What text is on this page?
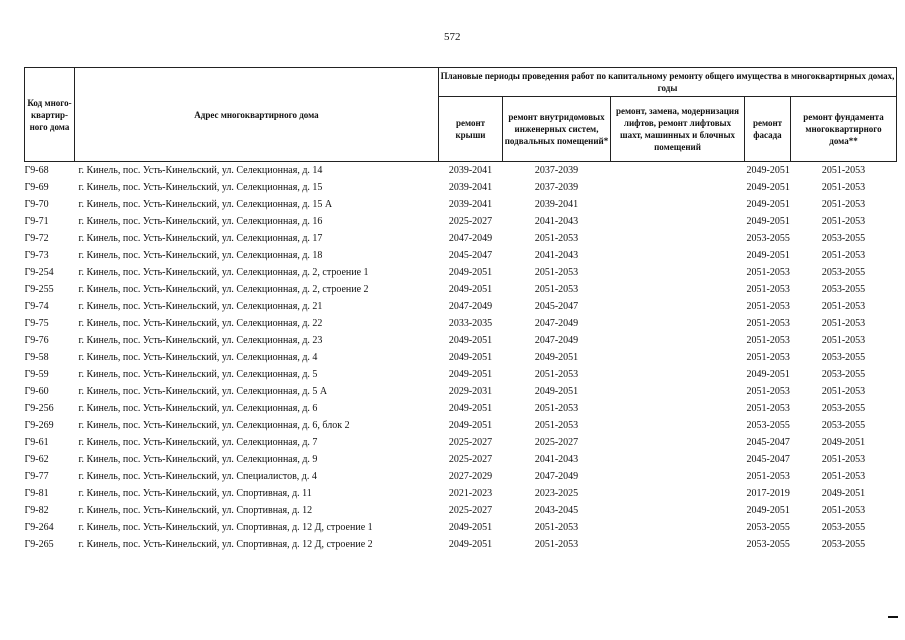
572
Код много-квартир-ного дома	Адрес многоквартирного дома	Плановые периоды проведения работ по капитальному ремонту общего имущества в многоквартирных домах, годы				
		ремонт крыши	ремонт внутридомовых инженерных систем, подвальных помещений*	ремонт, замена, модернизация лифтов, ремонт лифтовых шахт, машинных и блочных помещений	ремонт фасада	ремонт фундамента многоквартирного дома**
Г9-68	г. Кинель, пос. Усть-Кинельский, ул. Селекционная, д. 14	2039-2041	2037-2039		2049-2051	2051-2053
Г9-69	г. Кинель, пос. Усть-Кинельский, ул. Селекционная, д. 15	2039-2041	2037-2039		2049-2051	2051-2053
Г9-70	г. Кинель, пос. Усть-Кинельский, ул. Селекционная, д. 15 А	2039-2041	2039-2041		2049-2051	2051-2053
Г9-71	г. Кинель, пос. Усть-Кинельский, ул. Селекционная, д. 16	2025-2027	2041-2043		2049-2051	2051-2053
Г9-72	г. Кинель, пос. Усть-Кинельский, ул. Селекционная, д. 17	2047-2049	2051-2053		2053-2055	2053-2055
Г9-73	г. Кинель, пос. Усть-Кинельский, ул. Селекционная, д. 18	2045-2047	2041-2043		2049-2051	2051-2053
Г9-254	г. Кинель, пос. Усть-Кинельский, ул. Селекционная, д. 2, строение 1	2049-2051	2051-2053		2051-2053	2053-2055
Г9-255	г. Кинель, пос. Усть-Кинельский, ул. Селекционная, д. 2, строение 2	2049-2051	2051-2053		2051-2053	2053-2055
Г9-74	г. Кинель, пос. Усть-Кинельский, ул. Селекционная, д. 21	2047-2049	2045-2047		2051-2053	2051-2053
Г9-75	г. Кинель, пос. Усть-Кинельский, ул. Селекционная, д. 22	2033-2035	2047-2049		2051-2053	2051-2053
Г9-76	г. Кинель, пос. Усть-Кинельский, ул. Селекционная, д. 23	2049-2051	2047-2049		2051-2053	2051-2053
Г9-58	г. Кинель, пос. Усть-Кинельский, ул. Селекционная, д. 4	2049-2051	2049-2051		2051-2053	2053-2055
Г9-59	г. Кинель, пос. Усть-Кинельский, ул. Селекционная, д. 5	2049-2051	2051-2053		2049-2051	2053-2055
Г9-60	г. Кинель, пос. Усть-Кинельский, ул. Селекционная, д. 5 А	2029-2031	2049-2051		2051-2053	2051-2053
Г9-256	г. Кинель, пос. Усть-Кинельский, ул. Селекционная, д. 6	2049-2051	2051-2053		2051-2053	2053-2055
Г9-269	г. Кинель, пос. Усть-Кинельский, ул. Селекционная, д. 6, блок 2	2049-2051	2051-2053		2053-2055	2053-2055
Г9-61	г. Кинель, пос. Усть-Кинельский, ул. Селекционная, д. 7	2025-2027	2025-2027		2045-2047	2049-2051
Г9-62	г. Кинель, пос. Усть-Кинельский, ул. Селекционная, д. 9	2025-2027	2041-2043		2045-2047	2051-2053
Г9-77	г. Кинель, пос. Усть-Кинельский, ул. Специалистов, д. 4	2027-2029	2047-2049		2051-2053	2051-2053
Г9-81	г. Кинель, пос. Усть-Кинельский, ул. Спортивная, д. 11	2021-2023	2023-2025		2017-2019	2049-2051
Г9-82	г. Кинель, пос. Усть-Кинельский, ул. Спортивная, д. 12	2025-2027	2043-2045		2049-2051	2051-2053
Г9-264	г. Кинель, пос. Усть-Кинельский, ул. Спортивная, д. 12 Д, строение 1	2049-2051	2051-2053		2053-2055	2053-2055
Г9-265	г. Кинель, пос. Усть-Кинельский, ул. Спортивная, д. 12 Д, строение 2	2049-2051	2051-2053		2053-2055	2053-2055
